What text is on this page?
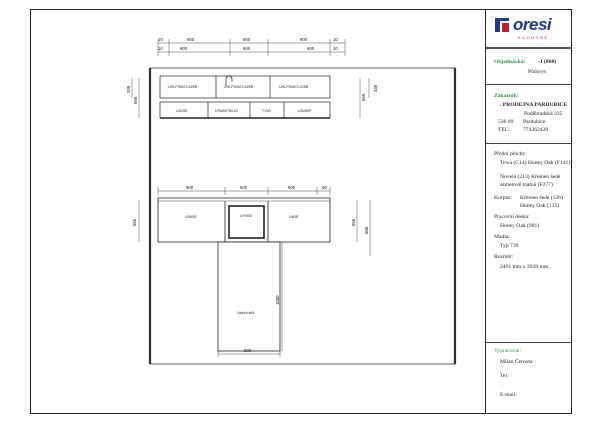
10	900	900	900	10
10	600	600	600	10
UHLP30672-025R	UHLP30672-025R	UHLP30672-025R
US295	DPA90/760-02	TV90	US280P
335
555	555
335
900	600	900	40
US60R	UY/900	U60R
555	555
660
Jídelní stůl
900
1000
oresi
KUCHYNĚ
Objednávka: -1 (868)
Půdorys
Zákazník:
. PRODEJNA PARDUBICE
Poděbradská 335
530 09 Pardubice
TEL: 774362420
Přední plochy:
Tewa (C14) Honey Oak (F141)
Novela (213) Křemen šedé
sametově matná (F277)
Korpus: Křemen šedé (126)
Honey Oak (135)
Pracovní deska:
Honey Oak (981)
Madla:
Typ 739
Rozměr:
2461 mm x 3928 mm
Vypracoval:
Milan Černota
Tel:
.
E-mail:
